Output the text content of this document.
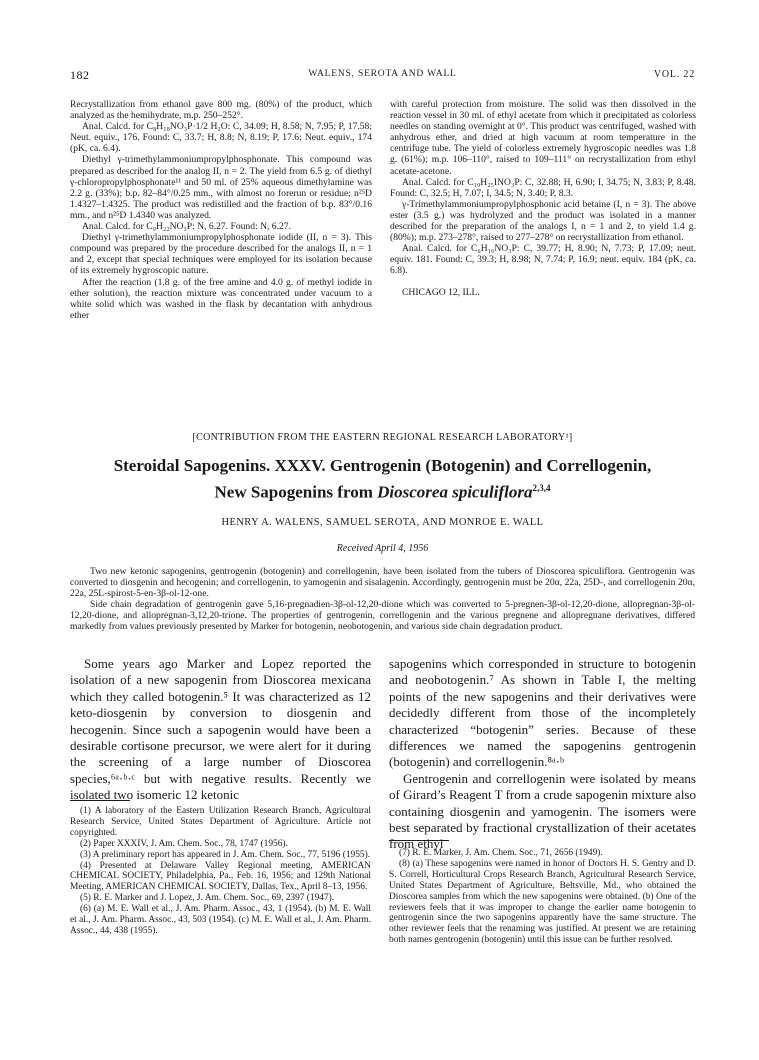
182	WALENS, SEROTA AND WALL	VOL. 22

Recrystallization from ethanol gave 800 mg. (80%) of the product, which analyzed as the hemihydrate, m.p. 250–252°.

Anal. Calcd. for C₈H₁₈NO₃P·1/2 H₂O: C, 34.09; H, 8.58; N, 7.95; P, 17.58; Neut. equiv., 176. Found: C, 33.7; H, 8.8; N, 8.19; P, 17.6; Neut. equiv., 174 (pK, ca. 6.4).

Diethyl γ-trimethylammoniumpropylphosphonate. This compound was prepared as described for the analog II, n = 2. The yield from 6.5 g. of diethyl γ-chloropropylphosphonate¹¹ and 50 ml. of 25% aqueous dimethylamine was 2.2 g. (33%); b.p. 82–84°/0.25 mm., with almost no forerun or residue; n²⁵D 1.4327–1.4325. The product was redistilled and the fraction of b.p. 83°/0.16 mm., and n²⁵D 1.4340 was analyzed.

Anal. Calcd. for C₉H₂₂NO₃P: N, 6.27. Found: N, 6.27.

Diethyl γ-trimethylammoniumpropylphosphonate iodide (II, n = 3). This compound was prepared by the procedure described for the analogs II, n = 1 and 2, except that special techniques were employed for its isolation because of its extremely hygroscopic nature.

After the reaction (1.8 g. of the free amine and 4.0 g. of methyl iodide in ether solution), the reaction mixture was concentrated under vacuum to a white solid which was washed in the flask by decantation with anhydrous ether

with careful protection from moisture. The solid was then dissolved in the reaction vessel in 30 ml. of ethyl acetate from which it precipitated as colorless needles on standing overnight at 0°. This product was centrifuged, washed with anhydrous ether, and dried at high vacuum at room temperature in the centrifuge tube. The yield of colorless extremely hygroscopic needles was 1.8 g. (61%); m.p. 106–110°, raised to 109–111° on recrystallization from ethyl acetate-acetone.

Anal. Calcd. for C₁₀H₂₅INO₃P: C, 32.88; H, 6.90; I, 34.75; N, 3.83; P, 8.48. Found: C, 32.5; H, 7.07; I, 34.5; N, 3.40; P, 8.3.

γ-Trimethylammoniumpropylphosphonic acid betaine (I, n = 3). The above ester (3.5 g.) was hydrolyzed and the product was isolated in a manner described for the preparation of the analogs I, n = 1 and 2, to yield 1.4 g. (80%); m.p. 273–278°, raised to 277–278° on recrystallization from ethanol.

Anal. Calcd. for C₆H₁₆NO₃P: C, 39.77; H, 8.90; N, 7.73; P, 17.09; neut. equiv. 181. Found: C, 39.3; H, 8.98; N, 7.74; P, 16.9; neut. equiv. 184 (pK, ca. 6.8).

CHICAGO 12, ILL.

[CONTRIBUTION FROM THE EASTERN REGIONAL RESEARCH LABORATORY¹]
Steroidal Sapogenins. XXXV. Gentrogenin (Botogenin) and Correllogenin,
New Sapogenins from Dioscorea spiculiflora$^{2,3,4}$
HENRY A. WALENS, SAMUEL SEROTA, AND MONROE E. WALL
Received April 4, 1956

Two new ketonic sapogenins, gentrogenin (botogenin) and correllogenin, have been isolated from the tubers of Dioscorea spiculiflora. Gentrogenin was converted to diosgenin and hecogenin; and correllogenin, to yamogenin and sisalagenin. Accordingly, gentrogenin must be 20α, 22a, 25D-, and correllogenin 20α, 22a, 25L-spirost-5-en-3β-ol-12-one.

Side chain degradation of gentrogenin gave 5,16-pregnadien-3β-ol-12,20-dione which was converted to 5-pregnen-3β-ol-12,20-dione, allopregnan-3β-ol-12,20-dione, and allopregnan-3,12,20-trione. The properties of gentrogenin, correllogenin and the various pregnene and allopregnane derivatives, differed markedly from values previously presented by Marker for botogenin, neobotogenin, and various side chain degradation product.

Some years ago Marker and Lopez reported the isolation of a new sapogenin from Dioscorea mexicana which they called botogenin.⁵ It was characterized as 12 keto-diosgenin by conversion to diosgenin and hecogenin. Since such a sapogenin would have been a desirable cortisone precursor, we were alert for it during the screening of a large number of Dioscorea species,⁶ᵃ·ᵇ·ᶜ but with negative results. Recently we isolated two isomeric 12 ketonic

sapogenins which corresponded in structure to botogenin and neobotogenin.⁷ As shown in Table I, the melting points of the new sapogenins and their derivatives were decidedly different from those of the incompletely characterized “botogenin” series. Because of these differences we named the sapogenins gentrogenin (botogenin) and correllogenin.⁸ᵃ·ᵇ

Gentrogenin and correllogenin were isolated by means of Girard’s Reagent T from a crude sapogenin mixture also containing diosgenin and yamogenin. The isomers were best separated by fractional crystallization of their acetates from ethyl

(1) A laboratory of the Eastern Utilization Research Branch, Agricultural Research Service, United States Department of Agriculture. Article not copyrighted.

(2) Paper XXXIV, J. Am. Chem. Soc., 78, 1747 (1956).

(3) A preliminary report has appeared in J. Am. Chem. Soc., 77, 5196 (1955).

(4) Presented at Delaware Valley Regional meeting, AMERICAN CHEMICAL SOCIETY, Philadelphia, Pa., Feb. 16, 1956; and 129th National Meeting, AMERICAN CHEMICAL SOCIETY, Dallas, Tex., April 8–13, 1956.

(5) R. E. Marker and J. Lopez, J. Am. Chem. Soc., 69, 2397 (1947).

(6) (a) M. E. Wall et al., J. Am. Pharm. Assoc., 43, 1 (1954). (b) M. E. Wall et al., J. Am. Pharm. Assoc., 43, 503 (1954). (c) M. E. Wall et al., J. Am. Pharm. Assoc., 44, 438 (1955).

(7) R. E. Marker, J. Am. Chem. Soc., 71, 2656 (1949).

(8) (a) These sapogenins were named in honor of Doctors H. S. Gentry and D. S. Correll, Horticultural Crops Research Branch, Agricultural Research Service, United States Department of Agriculture, Beltsville, Md., who obtained the Dioscorea samples from which the new sapogenins were obtained. (b) One of the reviewers feels that it was improper to change the earlier name botogenin to gentrogenin since the two sapogenins apparently have the same structure. The other reviewer feels that the renaming was justified. At present we are retaining both names gentrogenin (botogenin) until this issue can be further resolved.
